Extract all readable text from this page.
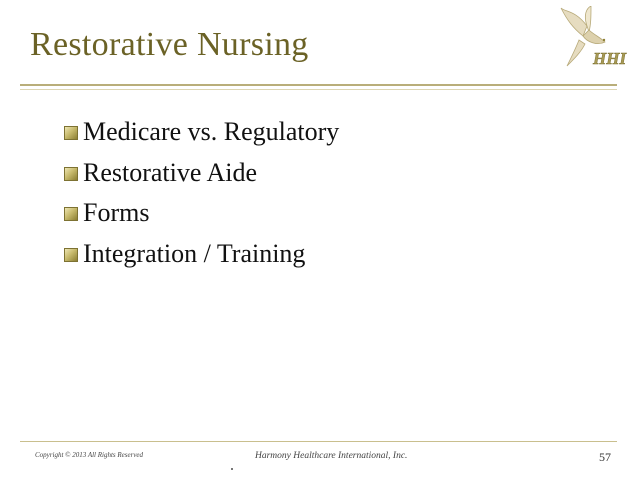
Restorative Nursing	HHI
Medicare vs. Regulatory
Restorative Aide
Forms
Integration / Training
Copyright © 2013 All Rights Reserved	Harmony Healthcare International, Inc.	57
